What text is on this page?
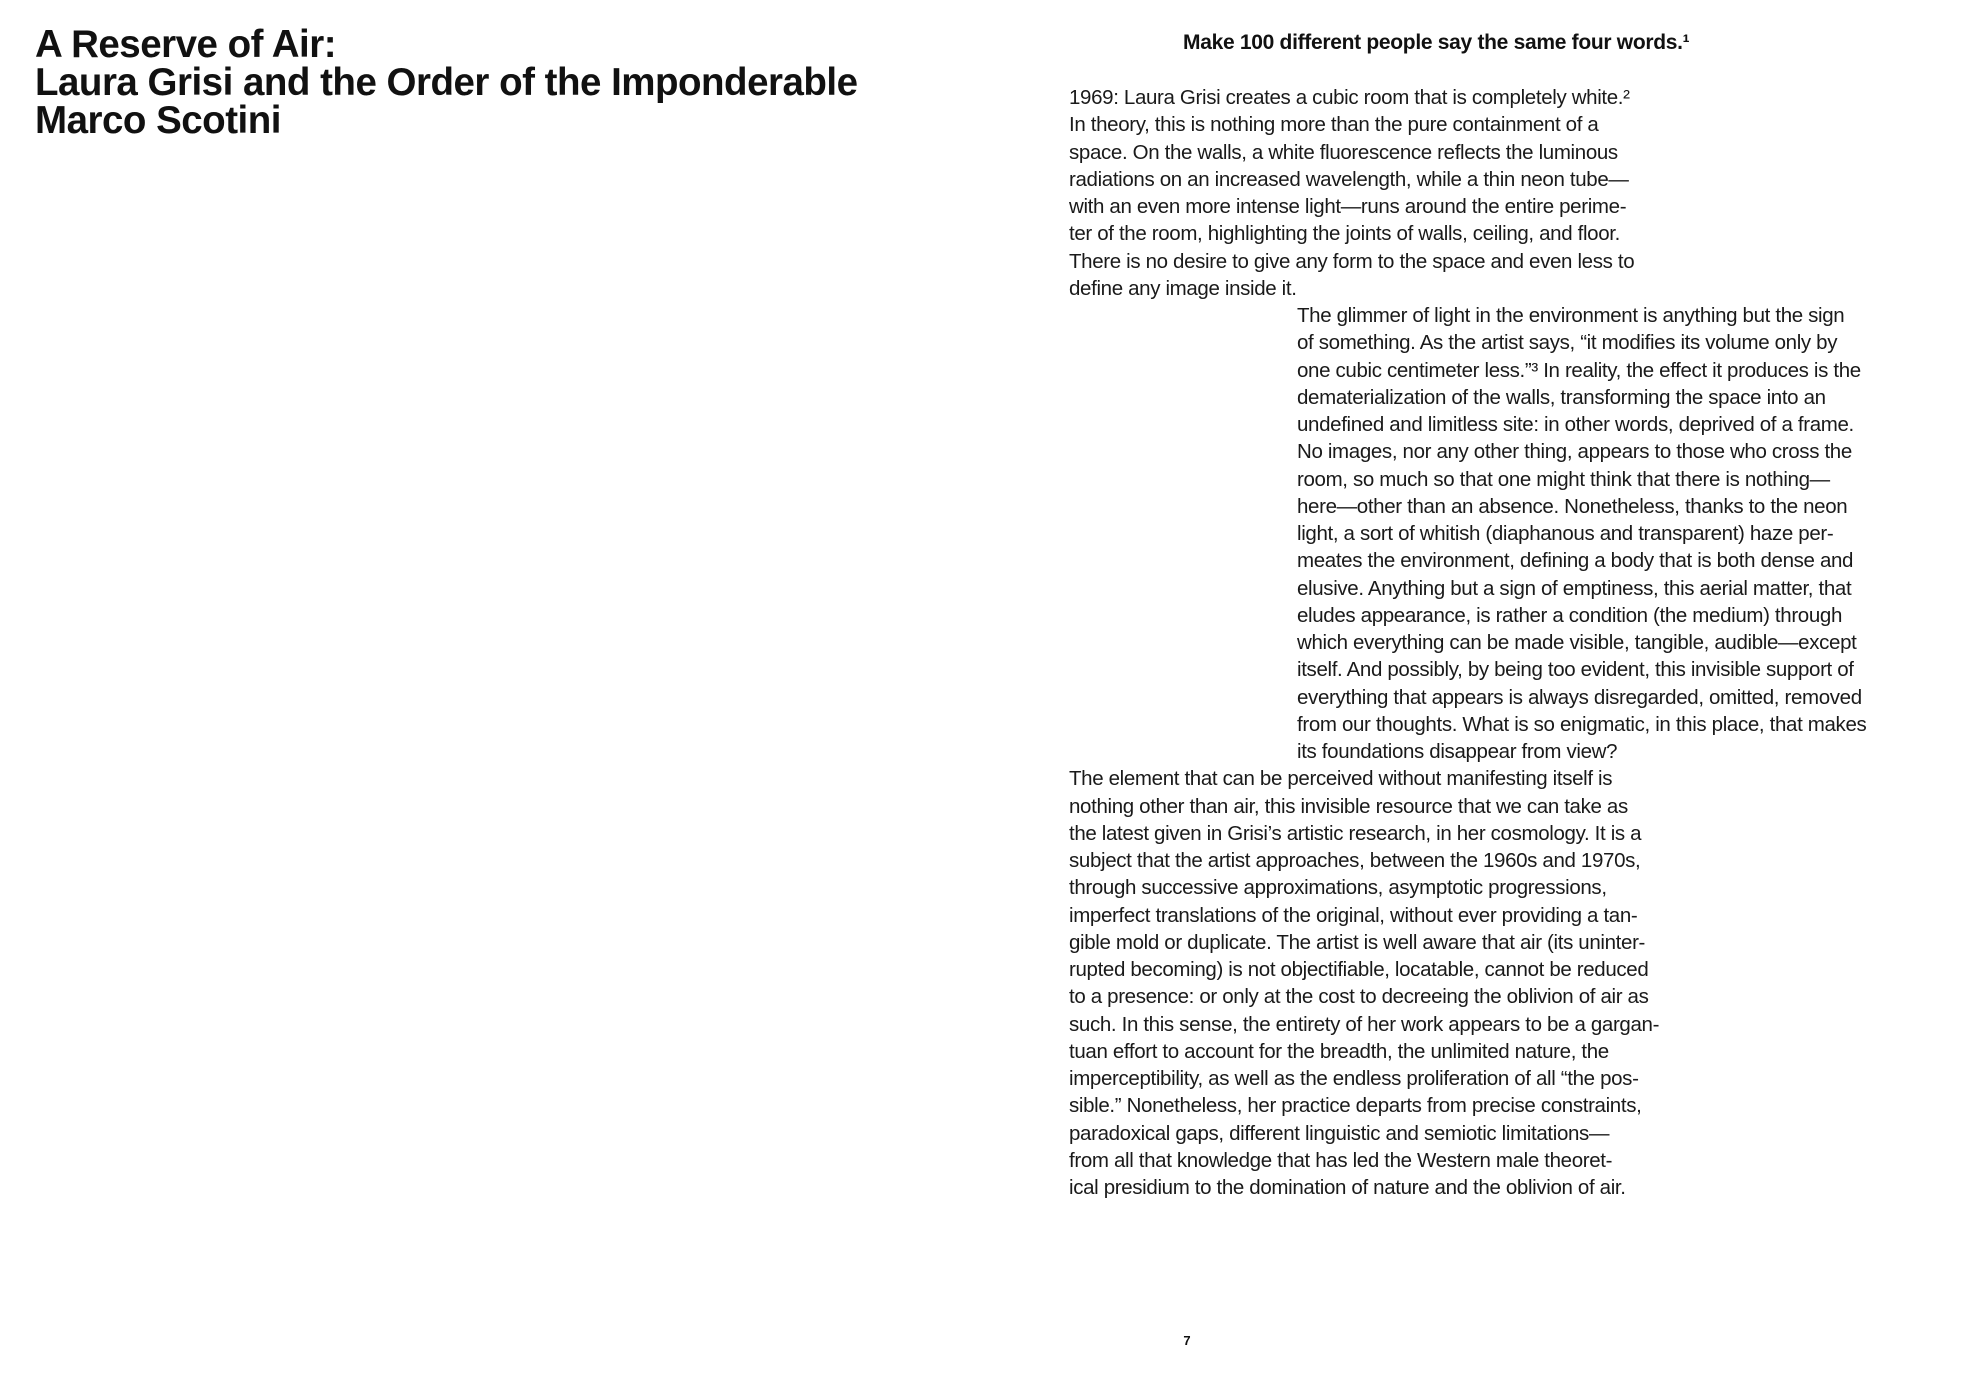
A Reserve of Air:
Laura Grisi and the Order of the Imponderable
Marco Scotini
Make 100 different people say the same four words.¹

1969: Laura Grisi creates a cubic room that is completely white.²
In theory, this is nothing more than the pure containment of a
space. On the walls, a white fluorescence reflects the luminous
radiations on an increased wavelength, while a thin neon tube—
with an even more intense light—runs around the entire perime-
ter of the room, highlighting the joints of walls, ceiling, and floor.
There is no desire to give any form to the space and even less to
define any image inside it.

The glimmer of light in the environment is anything but the sign
of something. As the artist says, “it modifies its volume only by
one cubic centimeter less.”³ In reality, the effect it produces is the
dematerialization of the walls, transforming the space into an
undefined and limitless site: in other words, deprived of a frame.
No images, nor any other thing, appears to those who cross the
room, so much so that one might think that there is nothing—
here—other than an absence. Nonetheless, thanks to the neon
light, a sort of whitish (diaphanous and transparent) haze per-
meates the environment, defining a body that is both dense and
elusive. Anything but a sign of emptiness, this aerial matter, that
eludes appearance, is rather a condition (the medium) through
which everything can be made visible, tangible, audible—except
itself. And possibly, by being too evident, this invisible support of
everything that appears is always disregarded, omitted, removed
from our thoughts. What is so enigmatic, in this place, that makes
its foundations disappear from view?

The element that can be perceived without manifesting itself is
nothing other than air, this invisible resource that we can take as
the latest given in Grisi’s artistic research, in her cosmology. It is a
subject that the artist approaches, between the 1960s and 1970s,
through successive approximations, asymptotic progressions,
imperfect translations of the original, without ever providing a tan-
gible mold or duplicate. The artist is well aware that air (its uninter-
rupted becoming) is not objectifiable, locatable, cannot be reduced
to a presence: or only at the cost to decreeing the oblivion of air as
such. In this sense, the entirety of her work appears to be a gargan-
tuan effort to account for the breadth, the unlimited nature, the
imperceptibility, as well as the endless proliferation of all “the pos-
sible.” Nonetheless, her practice departs from precise constraints,
paradoxical gaps, different linguistic and semiotic limitations—
from all that knowledge that has led the Western male theoret-
ical presidium to the domination of nature and the oblivion of air.

7
